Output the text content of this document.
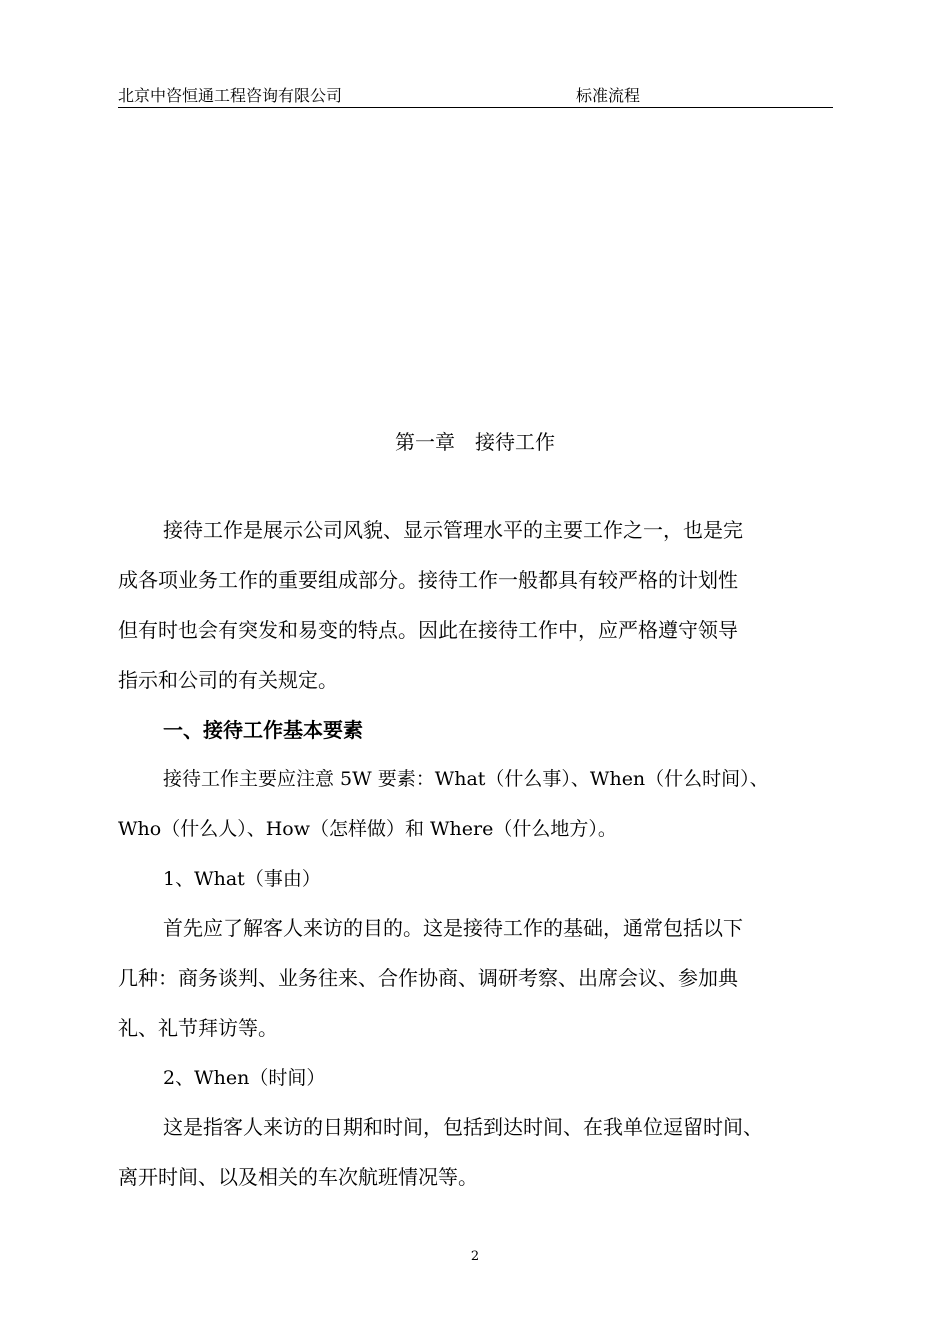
北京中咨恒通工程咨询有限公司	标准流程
第一章　接待工作
接待工作是展示公司风貌、显示管理水平的主要工作之一，也是完
成各项业务工作的重要组成部分。接待工作一般都具有较严格的计划性
但有时也会有突发和易变的特点。因此在接待工作中，应严格遵守领导
指示和公司的有关规定。
一、接待工作基本要素
接待工作主要应注意 5W 要素：What（什么事）、When（什么时间）、
Who（什么人）、How（怎样做）和 Where（什么地方）。
1、What（事由）
首先应了解客人来访的目的。这是接待工作的基础，通常包括以下
几种：商务谈判、业务往来、合作协商、调研考察、出席会议、参加典
礼、礼节拜访等。
2、When（时间）
这是指客人来访的日期和时间，包括到达时间、在我单位逗留时间、
离开时间、以及相关的车次航班情况等。
2
